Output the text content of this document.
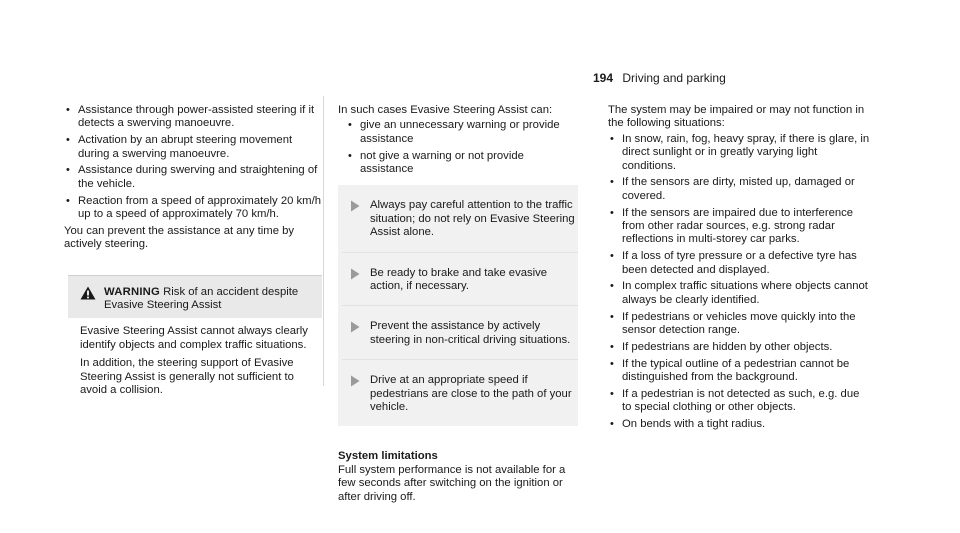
194 Driving and parking
• Assistance through power-assisted steering if it detects a swerving manoeuvre.
• Activation by an abrupt steering movement during a swerving manoeuvre.
• Assistance during swerving and straightening of the vehicle.
• Reaction from a speed of approximately 20 km/h up to a speed of approximately 70 km/h.

You can prevent the assistance at any time by actively steering.

WARNING Risk of an accident despite Evasive Steering Assist

Evasive Steering Assist cannot always clearly identify objects and complex traffic situations.

In addition, the steering support of Evasive Steering Assist is generally not sufficient to avoid a collision.

In such cases Evasive Steering Assist can:

• give an unnecessary warning or provide assistance
• not give a warning or not provide assistance
Always pay careful attention to the traffic situation; do not rely on Evasive Steering Assist alone.
Be ready to brake and take evasive action, if necessary.
Prevent the assistance by actively steering in non-critical driving situations.
Drive at an appropriate speed if pedestrians are close to the path of your vehicle.

System limitations

Full system performance is not available for a few seconds after switching on the ignition or after driving off.

The system may be impaired or may not function in the following situations:

• In snow, rain, fog, heavy spray, if there is glare, in direct sunlight or in greatly varying light conditions.
• If the sensors are dirty, misted up, damaged or covered.
• If the sensors are impaired due to interference from other radar sources, e.g. strong radar reflections in multi-storey car parks.
• If a loss of tyre pressure or a defective tyre has been detected and displayed.
• In complex traffic situations where objects cannot always be clearly identified.
• If pedestrians or vehicles move quickly into the sensor detection range.
• If pedestrians are hidden by other objects.
• If the typical outline of a pedestrian cannot be distinguished from the background.
• If a pedestrian is not detected as such, e.g. due to special clothing or other objects.
• On bends with a tight radius.
